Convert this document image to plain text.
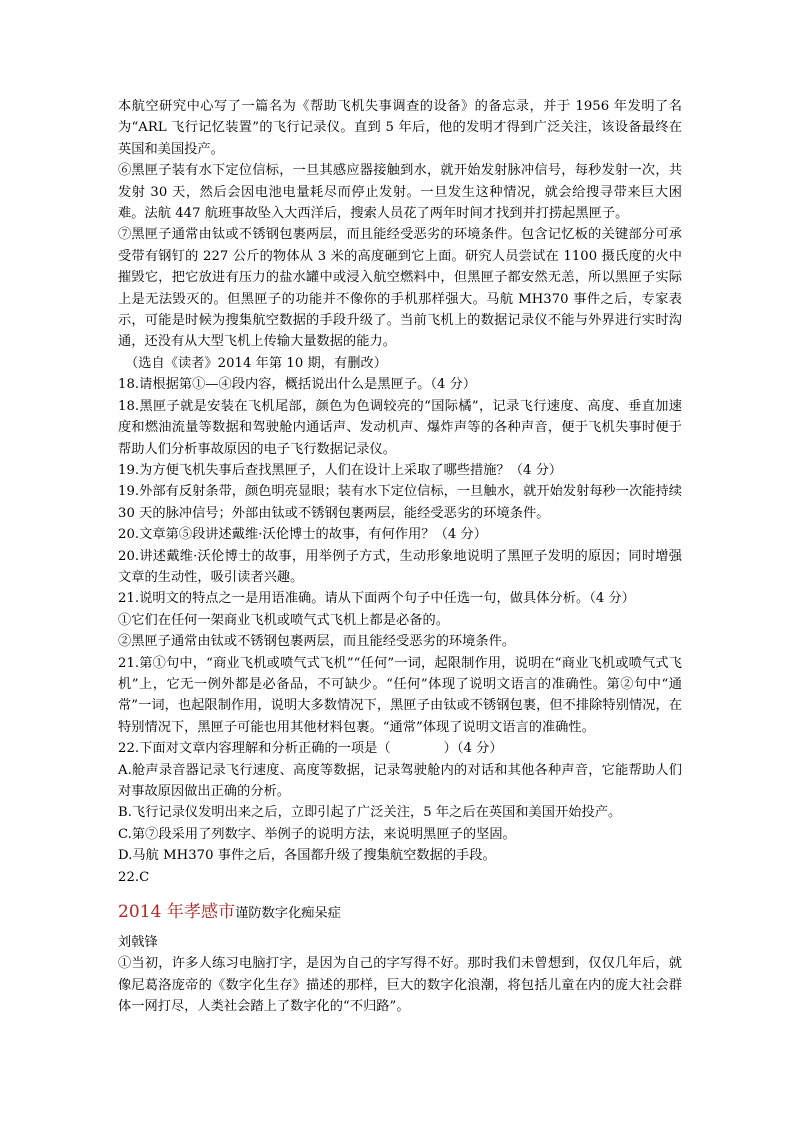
本航空研究中心写了一篇名为《帮助飞机失事调查的设备》的备忘录，并于 1956 年发明了名为“ARL 飞行记忆装置”的飞行记录仪。直到 5 年后，他的发明才得到广泛关注，该设备最终在英国和美国投产。

⑥黑匣子装有水下定位信标，一旦其感应器接触到水，就开始发射脉冲信号，每秒发射一次，共发射 30 天，然后会因电池电量耗尽而停止发射。一旦发生这种情况，就会给搜寻带来巨大困难。法航 447 航班事故坠入大西洋后，搜索人员花了两年时间才找到并打捞起黑匣子。

⑦黑匣子通常由钛或不锈钢包裹两层，而且能经受恶劣的环境条件。包含记忆板的关键部分可承受带有钢钉的 227 公斤的物体从 3 米的高度砸到它上面。研究人员尝试在 1100 摄氏度的火中摧毁它，把它放进有压力的盐水罐中或浸入航空燃料中，但黑匣子都安然无恙，所以黑匣子实际上是无法毁灭的。但黑匣子的功能并不像你的手机那样强大。马航 MH370 事件之后，专家表示，可能是时候为搜集航空数据的手段升级了。当前飞机上的数据记录仪不能与外界进行实时沟通，还没有从大型飞机上传输大量数据的能力。

（选自《读者》2014 年第 10 期，有删改）

18.请根据第①—④段内容，概括说出什么是黑匣子。（4 分）

18.黑匣子就是安装在飞机尾部，颜色为色调较亮的“国际橘”，记录飞行速度、高度、垂直加速度和燃油流量等数据和驾驶舱内通话声、发动机声、爆炸声等的各种声音，便于飞机失事时便于帮助人们分析事故原因的电子飞行数据记录仪。

19.为方便飞机失事后查找黑匣子，人们在设计上采取了哪些措施？（4 分）

19.外部有反射条带，颜色明亮显眼；装有水下定位信标，一旦触水，就开始发射每秒一次能持续 30 天的脉冲信号；外部由钛或不锈钢包裹两层，能经受恶劣的环境条件。

20.文章第⑤段讲述戴维·沃伦博士的故事，有何作用？（4 分）

20.讲述戴维·沃伦博士的故事，用举例子方式，生动形象地说明了黑匣子发明的原因；同时增强文章的生动性，吸引读者兴趣。

21.说明文的特点之一是用语准确。请从下面两个句子中任选一句，做具体分析。（4 分）

①它们在任何一架商业飞机或喷气式飞机上都是必备的。

②黑匣子通常由钛或不锈钢包裹两层，而且能经受恶劣的环境条件。

21.第①句中，“商业飞机或喷气式飞机”“任何”一词，起限制作用，说明在“商业飞机或喷气式飞机”上，它无一例外都是必备品，不可缺少。“任何”体现了说明文语言的准确性。第②句中“通常”一词，也起限制作用，说明大多数情况下，黑匣子由钛或不锈钢包裹，但不排除特别情况，在特别情况下，黑匣子可能也用其他材料包裹。“通常”体现了说明文语言的准确性。

22.下面对文章内容理解和分析正确的一项是（　　　　）（4 分）

A.舱声录音器记录飞行速度、高度等数据，记录驾驶舱内的对话和其他各种声音，它能帮助人们对事故原因做出正确的分析。

B.飞行记录仪发明出来之后，立即引起了广泛关注，5 年之后在英国和美国开始投产。

C.第⑦段采用了列数字、举例子的说明方法，来说明黑匣子的坚固。

D.马航 MH370 事件之后，各国都升级了搜集航空数据的手段。

22.C

2014 年孝感市谨防数字化痴呆症

刘戟锋

①当初，许多人练习电脑打字，是因为自己的字写得不好。那时我们未曾想到，仅仅几年后，就像尼葛洛庞帝的《数字化生存》描述的那样，巨大的数字化浪潮，将包括儿童在内的庞大社会群体一网打尽，人类社会踏上了数字化的“不归路”。
